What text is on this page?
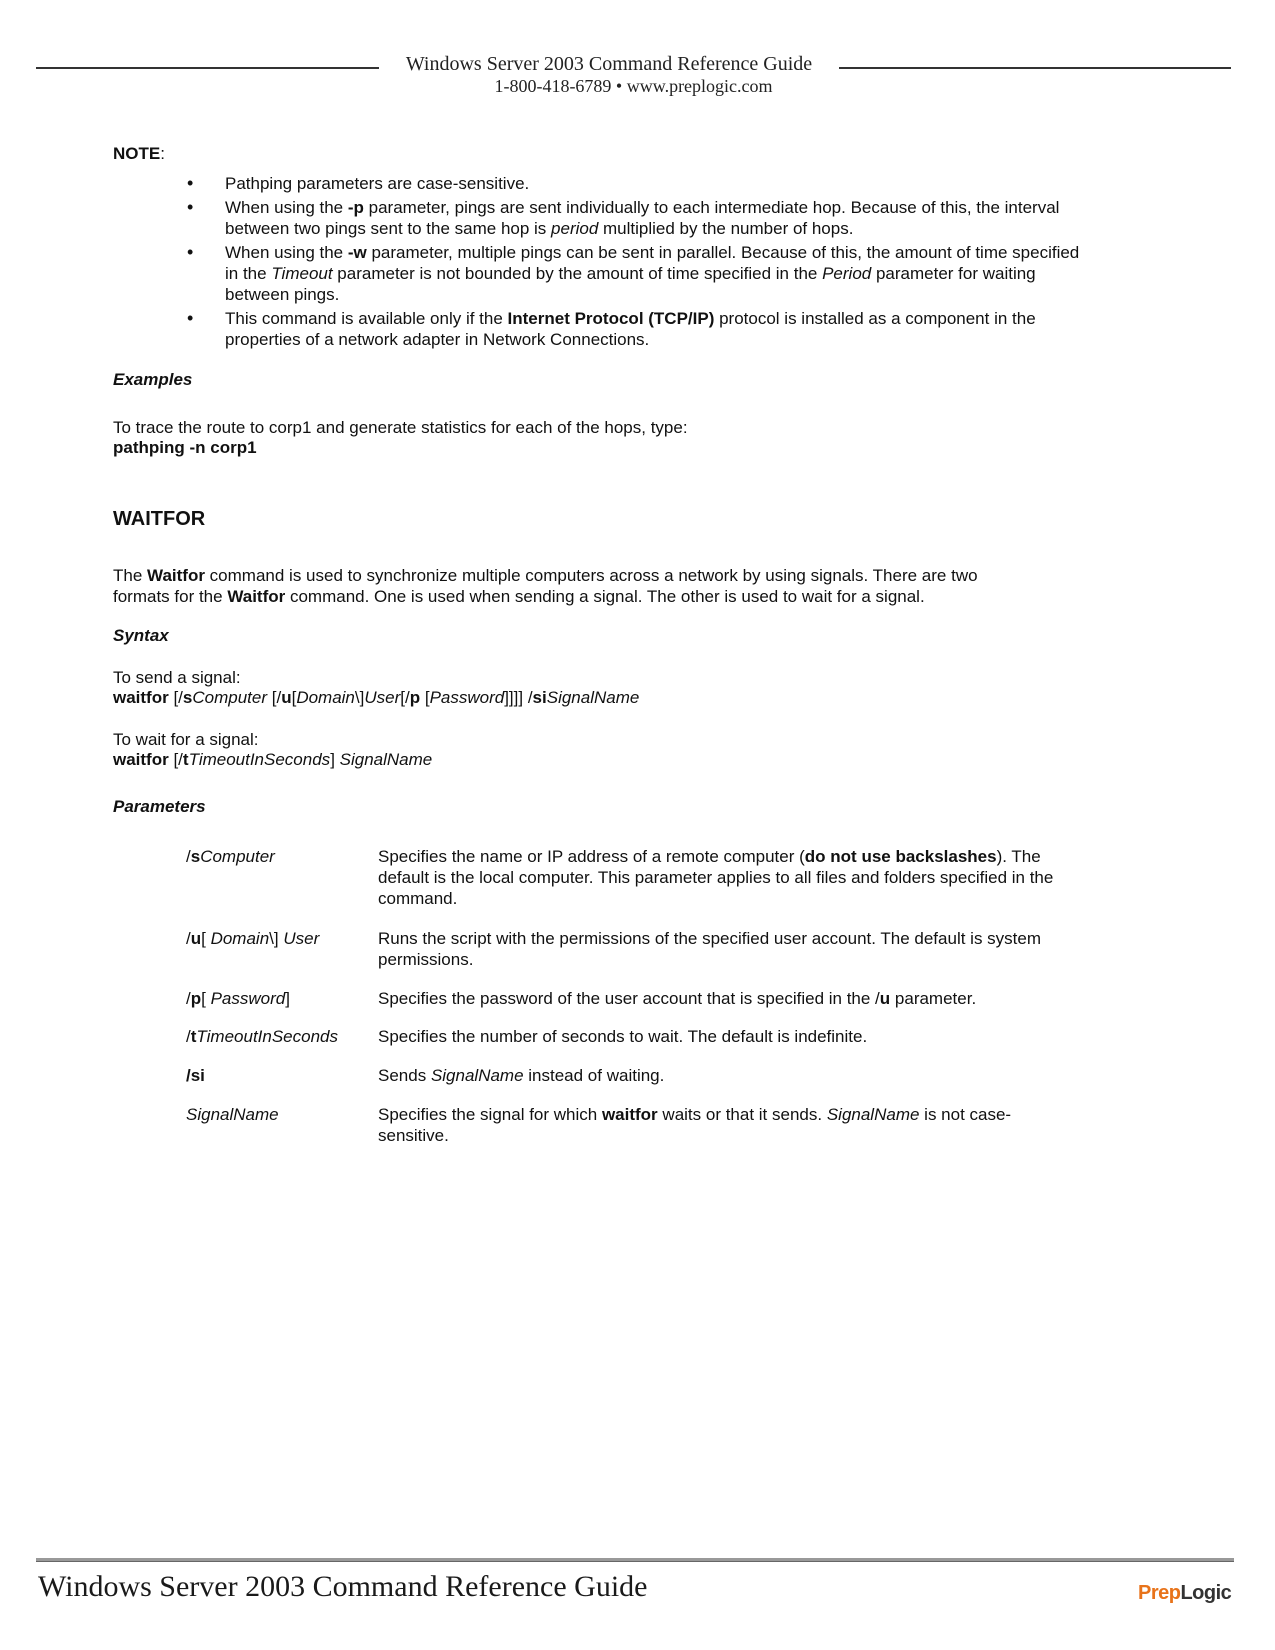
Windows Server 2003 Command Reference Guide
1-800-418-6789 • www.preplogic.com
NOTE:
• Pathping parameters are case-sensitive.
• When using the -p parameter, pings are sent individually to each intermediate hop. Because of this, the interval between two pings sent to the same hop is period multiplied by the number of hops.
• When using the -w parameter, multiple pings can be sent in parallel. Because of this, the amount of time specified in the Timeout parameter is not bounded by the amount of time specified in the Period parameter for waiting between pings.
• This command is available only if the Internet Protocol (TCP/IP) protocol is installed as a component in the properties of a network adapter in Network Connections.
Examples
To trace the route to corp1 and generate statistics for each of the hops, type:
pathping -n corp1
WAITFOR
The Waitfor command is used to synchronize multiple computers across a network by using signals. There are two formats for the Waitfor command. One is used when sending a signal. The other is used to wait for a signal.
Syntax
To send a signal:
waitfor [/sComputer [/u[Domain\]User[/p [Password]]]] /siSignalName
To wait for a signal:
waitfor [/tTimeoutInSeconds] SignalName
Parameters
/sComputer	Specifies the name or IP address of a remote computer (do not use backslashes). The default is the local computer. This parameter applies to all files and folders specified in the command.
/u[ Domain\] User	Runs the script with the permissions of the specified user account. The default is system permissions.
/p[ Password]	Specifies the password of the user account that is specified in the /u parameter.
/tTimeoutInSeconds	Specifies the number of seconds to wait. The default is indefinite.
/si	Sends SignalName instead of waiting.
SignalName	Specifies the signal for which waitfor waits or that it sends. SignalName is not case-sensitive.
Windows Server 2003 Command Reference Guide	PrepLogic
